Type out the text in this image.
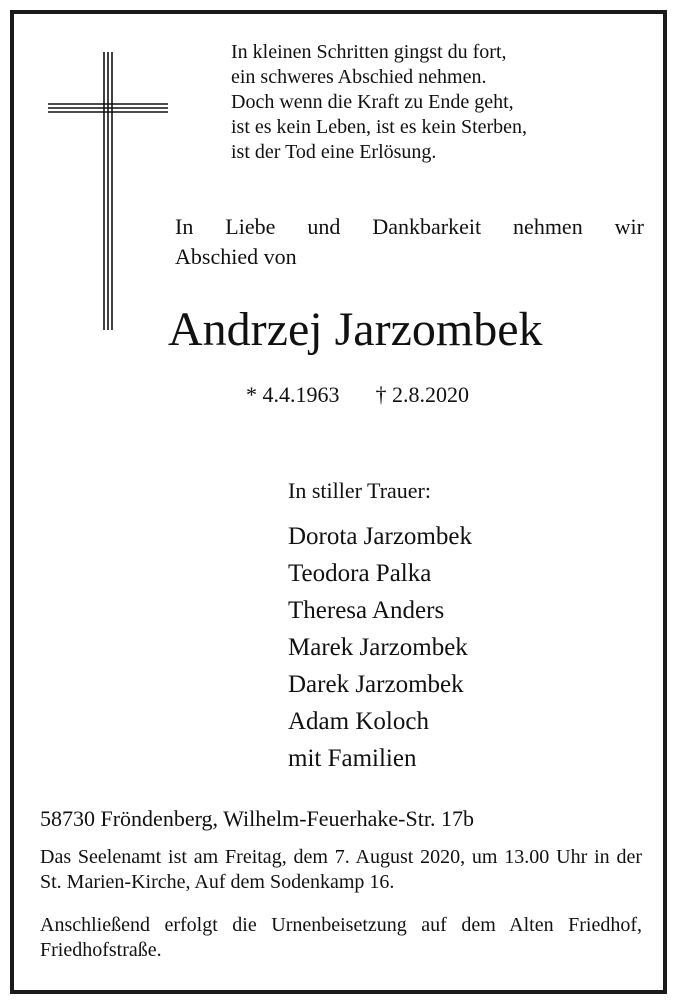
In kleinen Schritten gingst du fort,
ein schweres Abschied nehmen.
Doch wenn die Kraft zu Ende geht,
ist es kein Leben, ist es kein Sterben,
ist der Tod eine Erlösung.
In Liebe und Dankbarkeit nehmen wir
Abschied von
Andrzej Jarzombek
* 4.4.1963 † 2.8.2020
In stiller Trauer:
Dorota Jarzombek
Teodora Palka
Theresa Anders
Marek Jarzombek
Darek Jarzombek
Adam Koloch
mit Familien
58730 Fröndenberg, Wilhelm-Feuerhake-Str. 17b
Das Seelenamt ist am Freitag, dem 7. August 2020, um 13.00 Uhr in der St. Marien-Kirche, Auf dem Sodenkamp 16.
Anschließend erfolgt die Urnenbeisetzung auf dem Alten Friedhof, Friedhofstraße.
